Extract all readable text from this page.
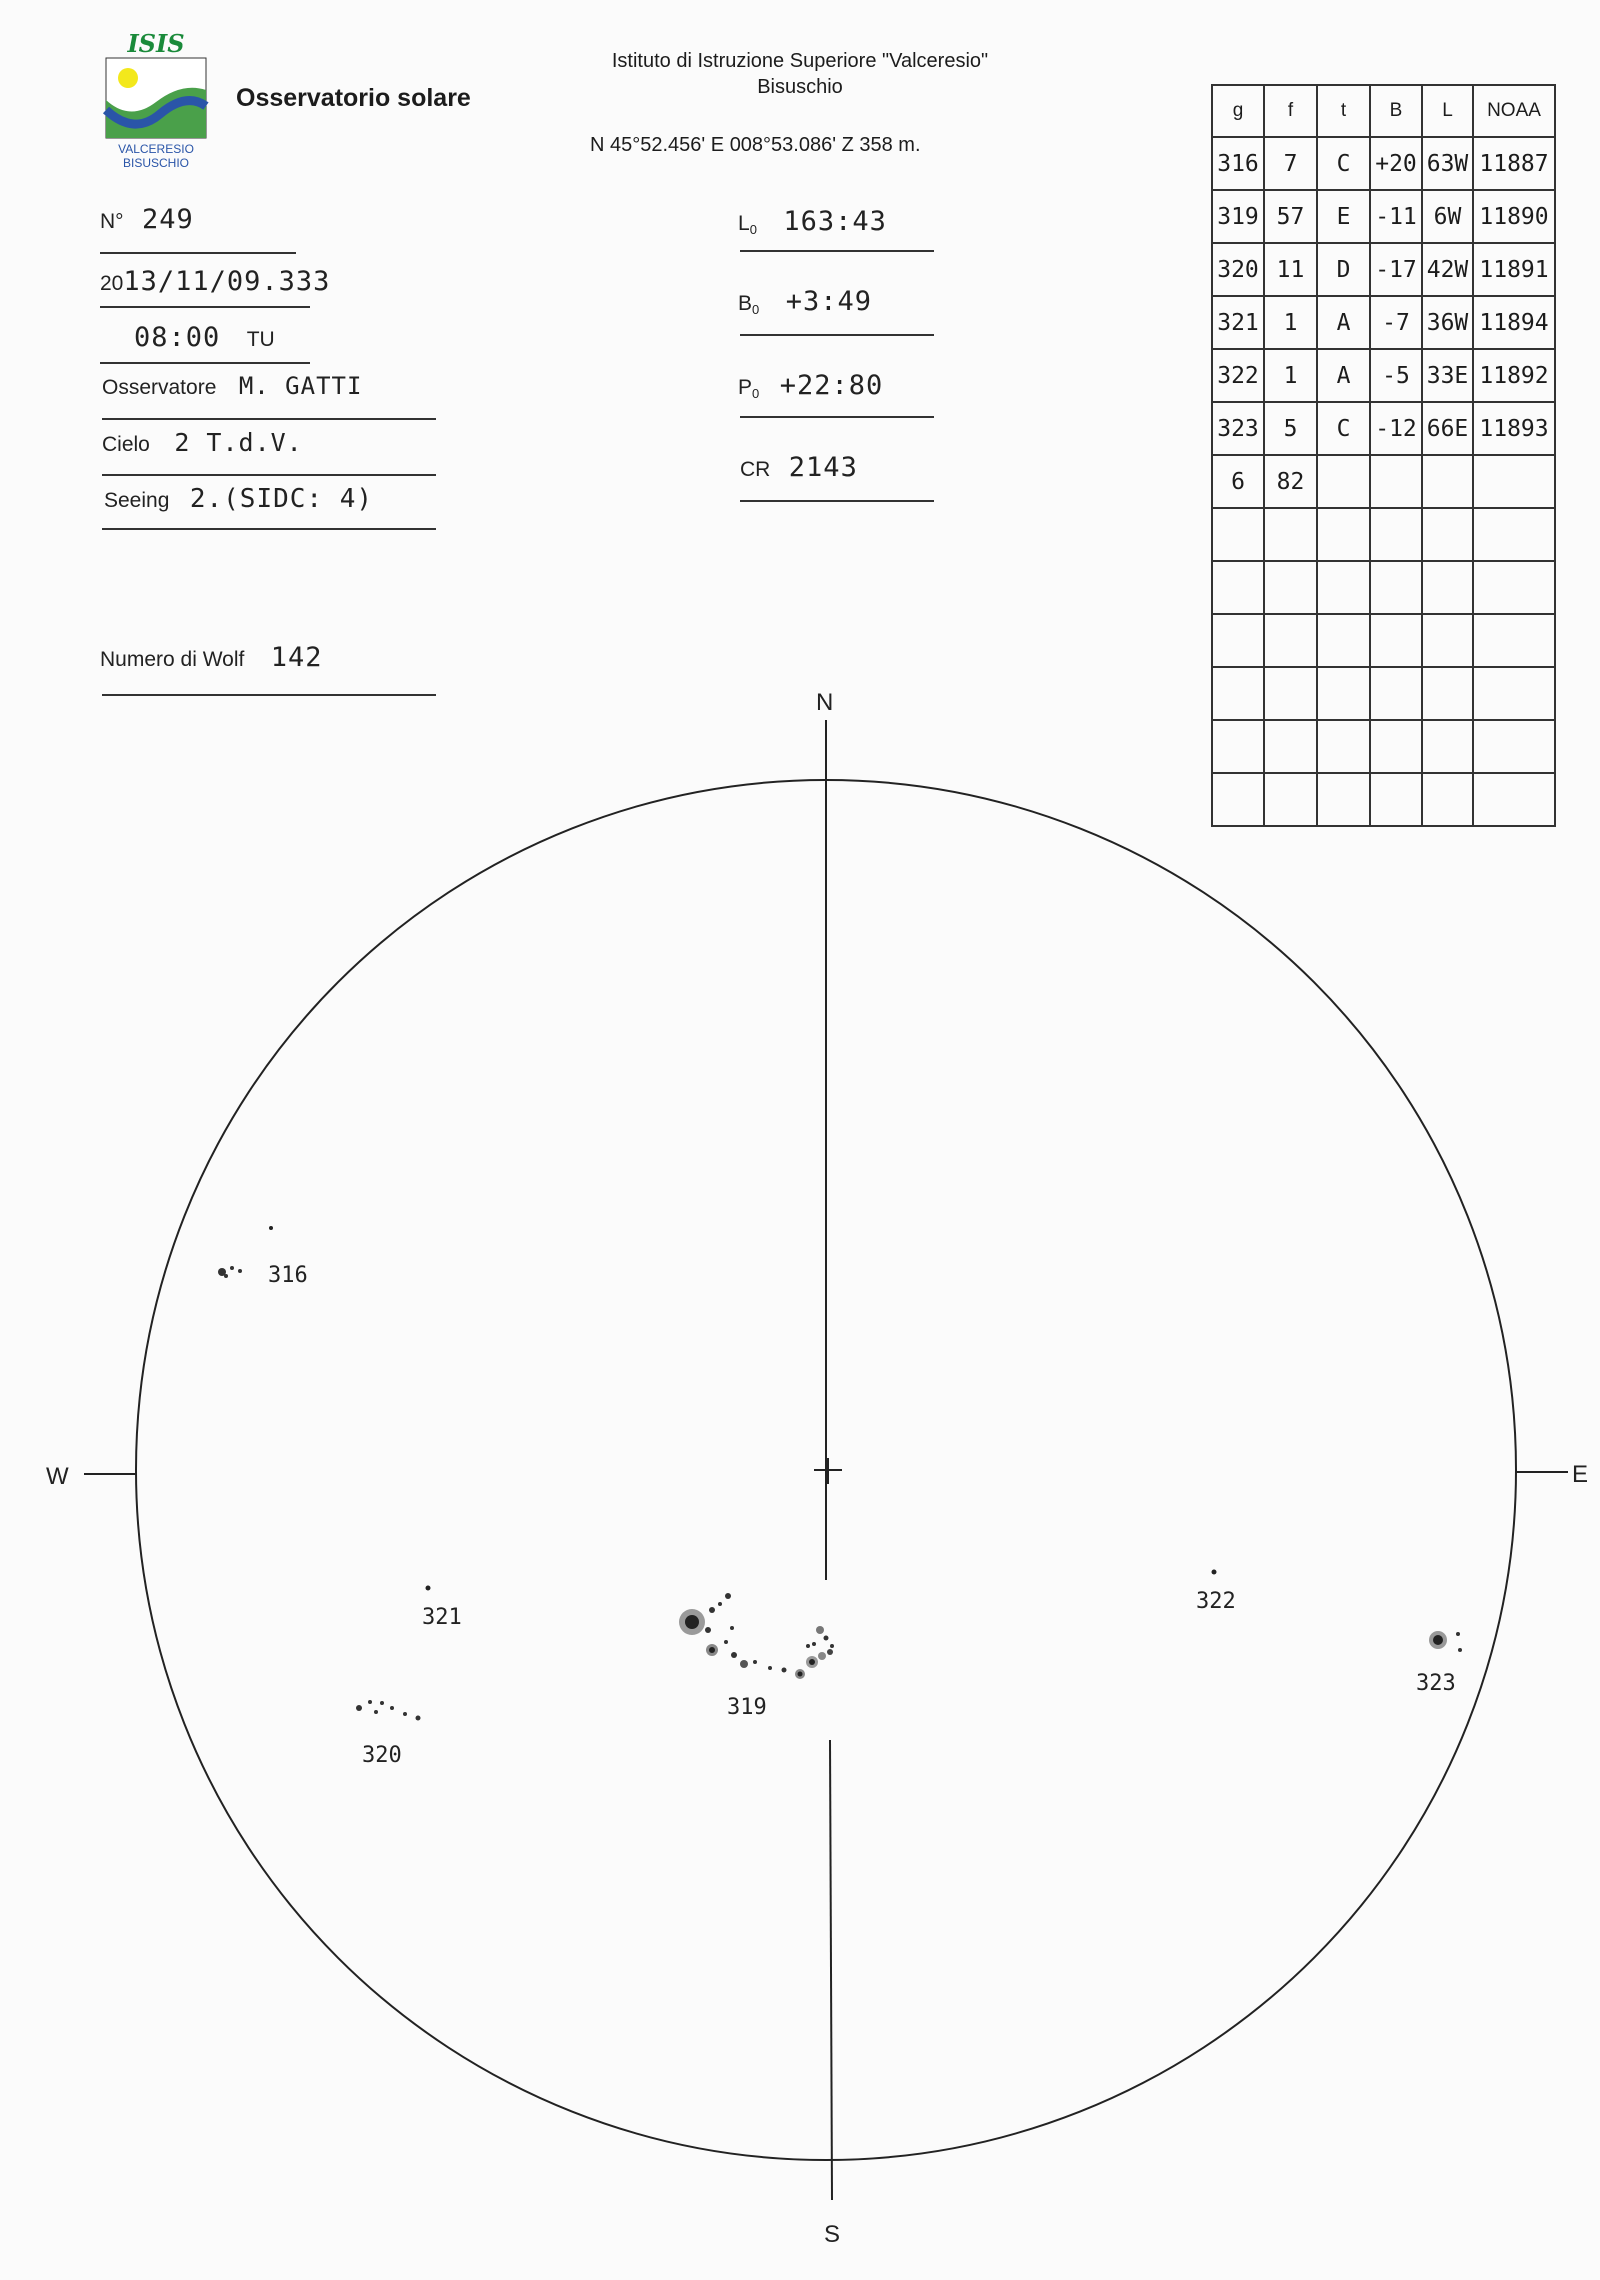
ISIS
VALCERESIO
BISUSCHIO
Osservatorio solare
Istituto di Istruzione Superiore "Valceresio"
Bisuschio
N 45°52.456' E 008°53.086' Z 358 m.
N° 249
2013/11/09.333
08:00 TU
Osservatore M. GATTI
Cielo 2 T.d.V.
Seeing 2.(SIDC: 4)
Numero di Wolf 142
$L_0$ 163:43
$B_0$ +3:49
$P_0$ +22:80
CR 2143
g	f	t	B	L	NOAA
316	7	C	+20	63W	11887
319	57	E	-11	6W	11890
320	11	D	-17	42W	11891
321	1	A	-7	36W	11894
322	1	A	-5	33E	11892
323	5	C	-12	66E	11893
6	82				

N
S
W	E
316
321
320
319
322
323
